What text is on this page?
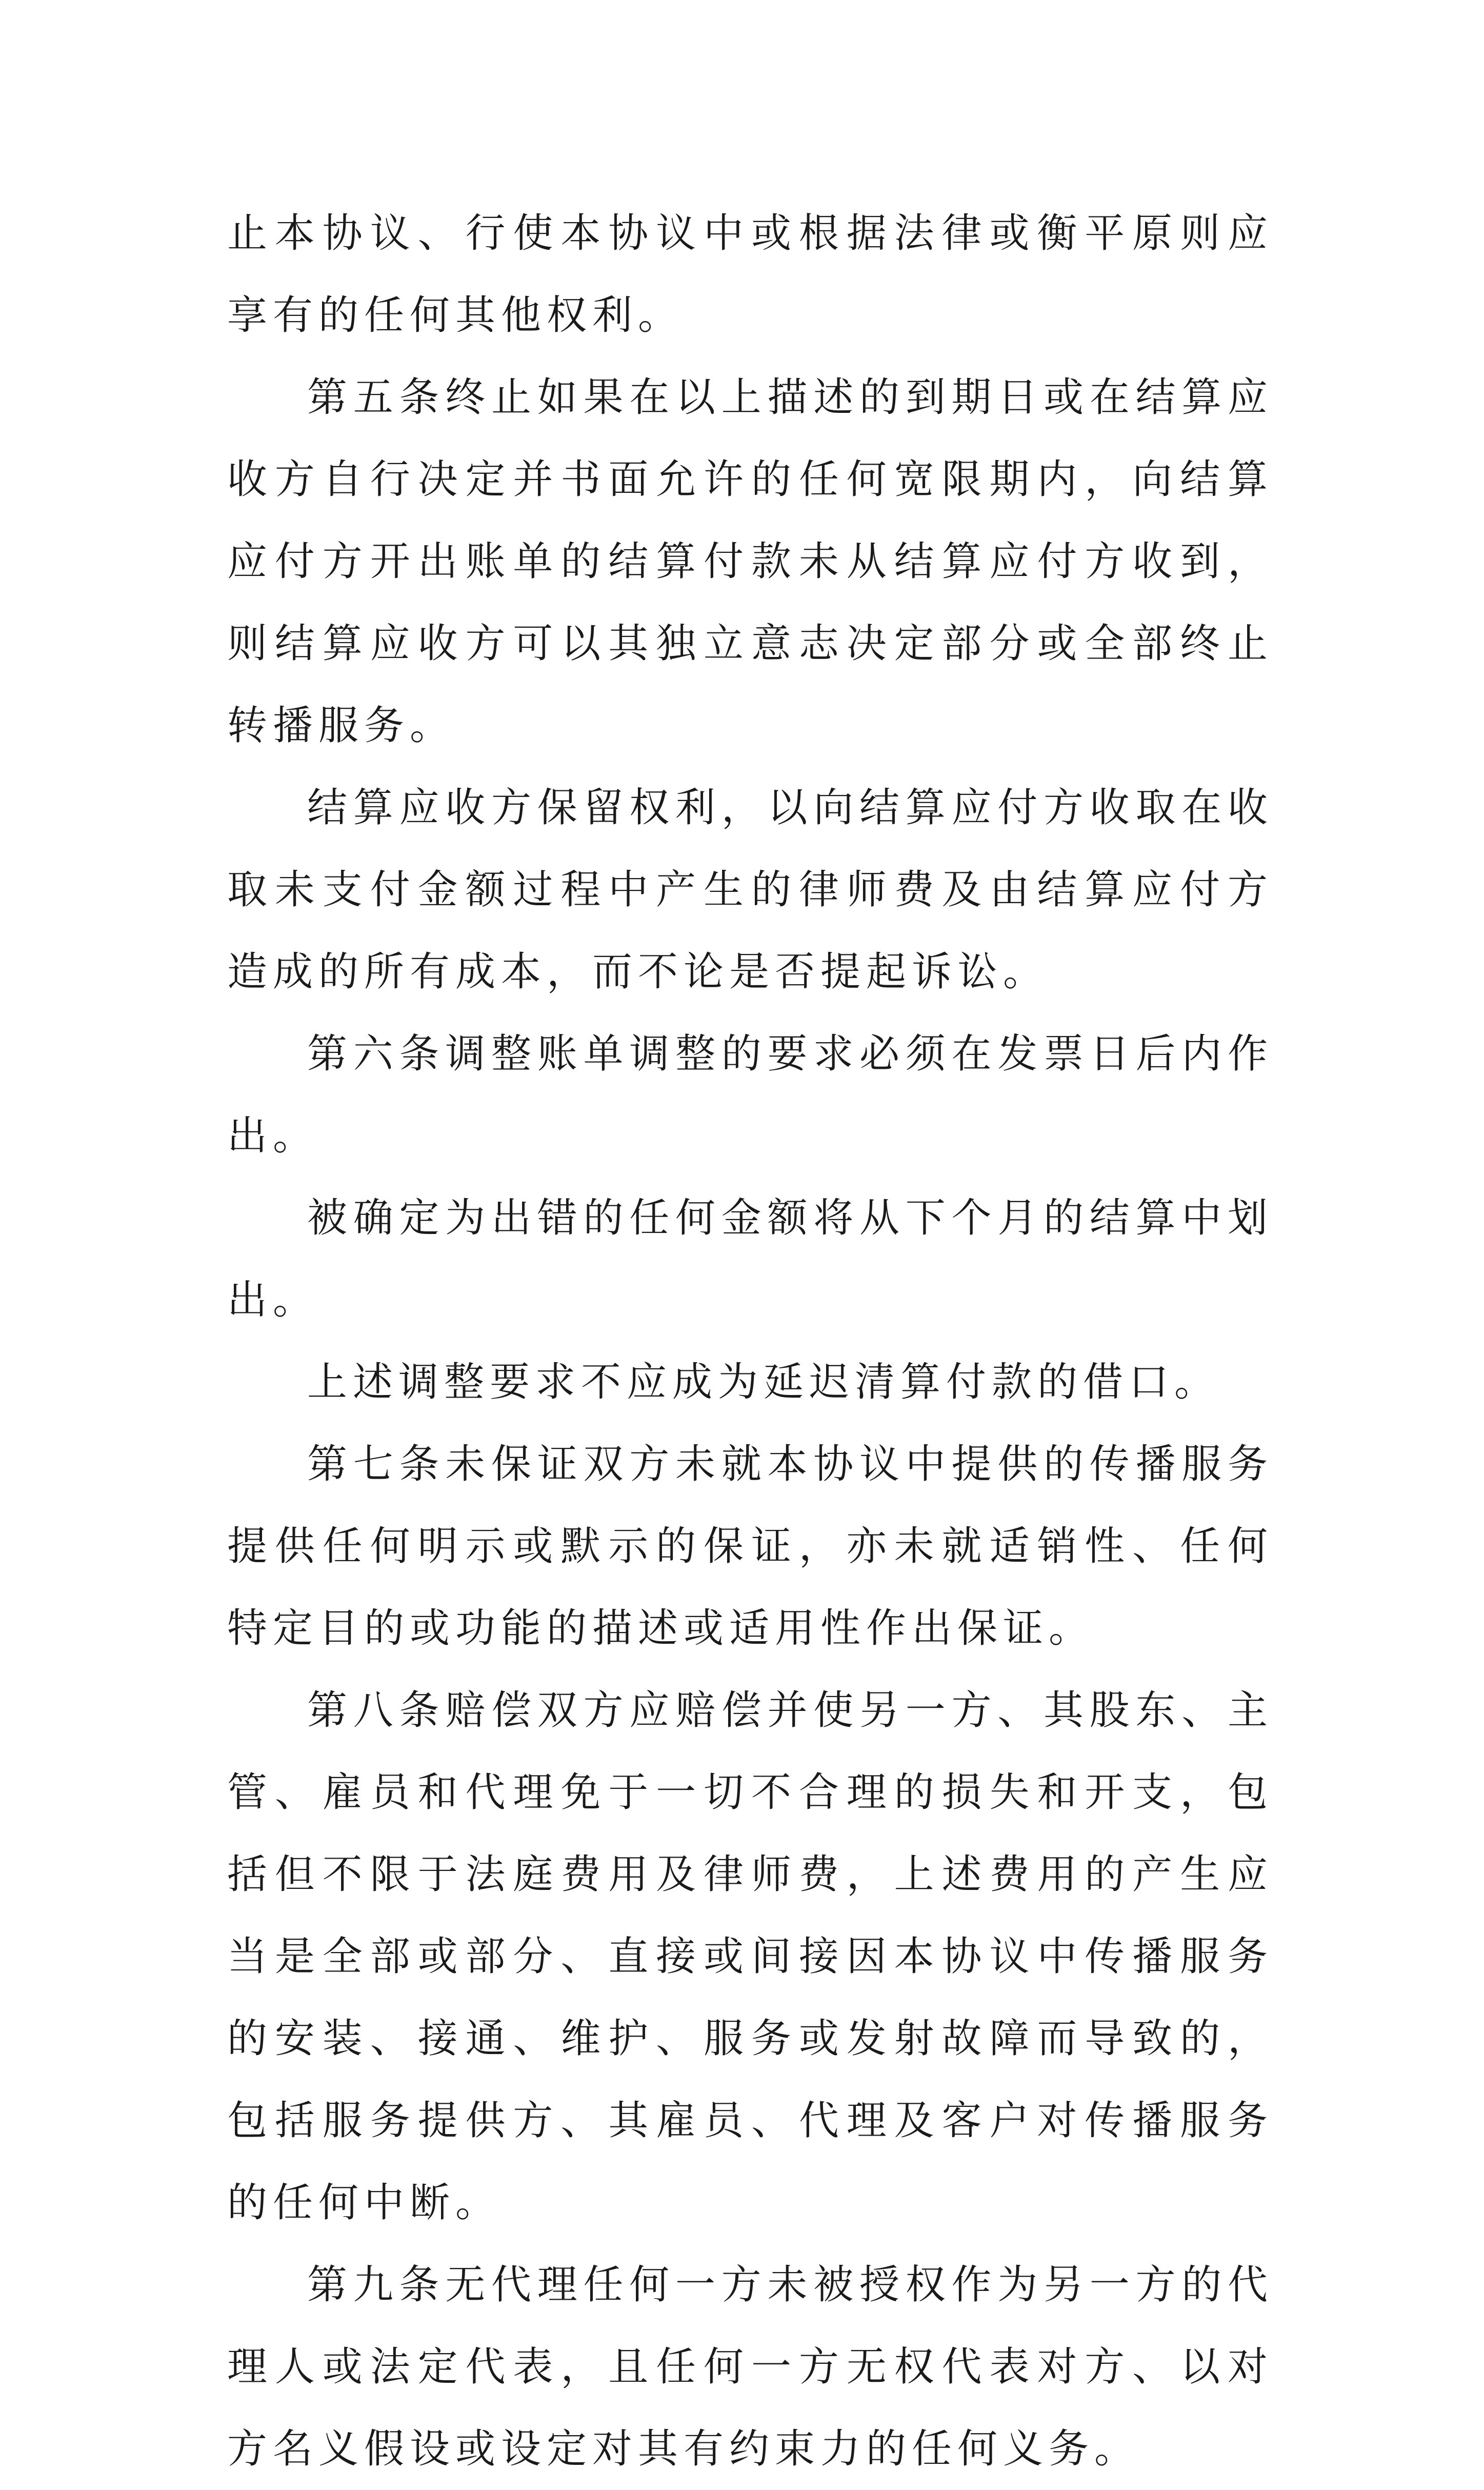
止本协议、行使本协议中或根据法律或衡平原则应享有的任何其他权利。

第五条终止如果在以上描述的到期日或在结算应收方自行决定并书面允许的任何宽限期内，向结算应付方开出账单的结算付款未从结算应付方收到，则结算应收方可以其独立意志决定部分或全部终止转播服务。

结算应收方保留权利，以向结算应付方收取在收取未支付金额过程中产生的律师费及由结算应付方造成的所有成本，而不论是否提起诉讼。

第六条调整账单调整的要求必须在发票日后内作出。

被确定为出错的任何金额将从下个月的结算中划出。

上述调整要求不应成为延迟清算付款的借口。

第七条未保证双方未就本协议中提供的传播服务提供任何明示或默示的保证，亦未就适销性、任何特定目的或功能的描述或适用性作出保证。

第八条赔偿双方应赔偿并使另一方、其股东、主管、雇员和代理免于一切不合理的损失和开支，包括但不限于法庭费用及律师费，上述费用的产生应当是全部或部分、直接或间接因本协议中传播服务的安装、接通、维护、服务或发射故障而导致的，包括服务提供方、其雇员、代理及客户对传播服务的任何中断。

第九条无代理任何一方未被授权作为另一方的代理人或法定代表，且任何一方无权代表对方、以对方名义假设或设定对其有约束力的任何义务。
